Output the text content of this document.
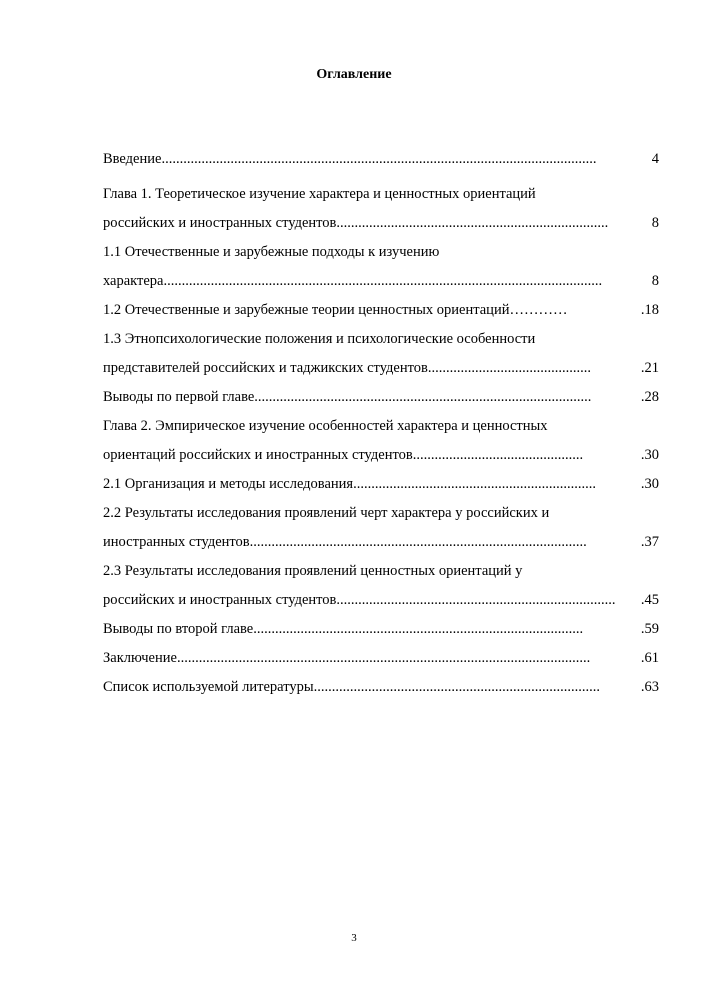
Оглавление
Введение. .......................................................................................................................	4
Глава 1. Теоретическое изучение характера и ценностных ориентаций
российских и иностранных студентов ...........................................................................	8
1.1 Отечественные и зарубежные подходы к изучению
характера .........................................................................................................................	8
1.2 Отечественные и зарубежные теории ценностных ориентаций …………	.18
1.3 Этнопсихологические положения и психологические особенности
представителей российских и таджикских студентов .............................................	.21
Выводы по первой главе .............................................................................................	.28
Глава 2. Эмпирическое изучение особенностей характера и ценностных
ориентаций российских и иностранных студентов ...............................................	.30
2.1 Организация и методы исследования ...................................................................	.30
2.2 Результаты исследования проявлений черт характера у российских и
иностранных студентов .............................................................................................	.37
2.3 Результаты исследования проявлений ценностных ориентаций у
российских и иностранных студентов .............................................................................	.45
Выводы по второй главе ...........................................................................................	.59
Заключение ..................................................................................................................	.61
Список используемой литературы ...............................................................................	.63
3
